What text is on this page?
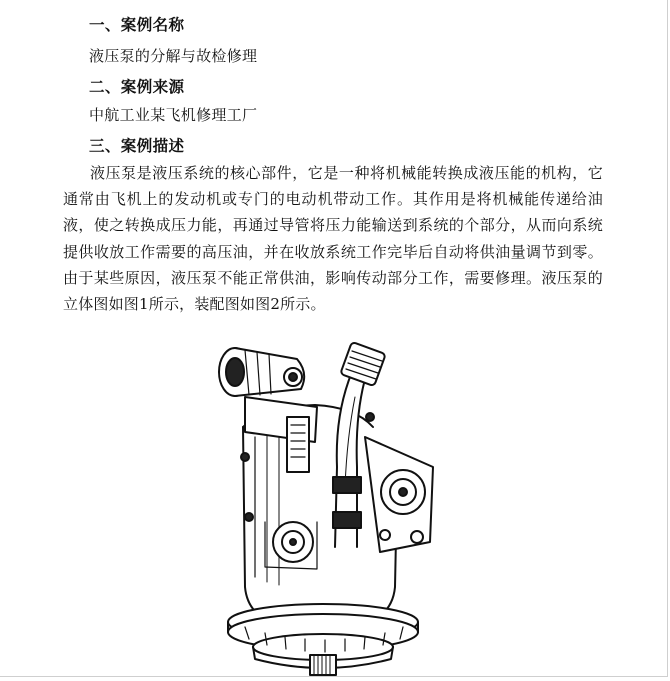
一、案例名称
液压泵的分解与故检修理
二、案例来源
中航工业某飞机修理工厂
三、案例描述
液压泵是液压系统的核心部件，它是一种将机械能转换成液压能的机构，它通常由飞机上的发动机或专门的电动机带动工作。其作用是将机械能传递给油液，使之转换成压力能，再通过导管将压力能输送到系统的个部分，从而向系统提供收放工作需要的高压油，并在收放系统工作完毕后自动将供油量调节到零。由于某些原因，液压泵不能正常供油，影响传动部分工作，需要修理。液压泵的立体图如图1所示，装配图如图2所示。
